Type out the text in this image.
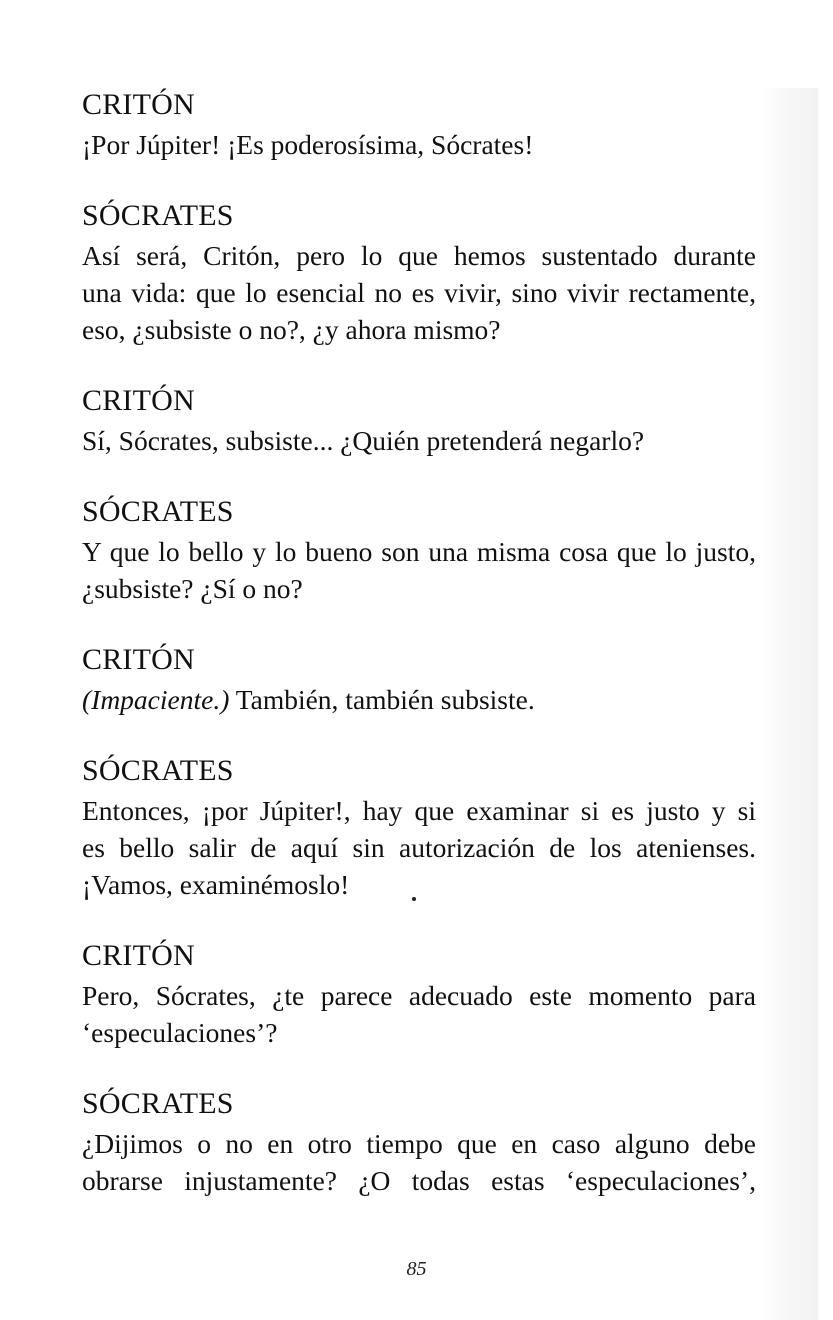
CRITÓN

¡Por Júpiter! ¡Es poderosísima, Sócrates!

SÓCRATES

Así será, Critón, pero lo que hemos sustentado durante
una vida: que lo esencial no es vivir, sino vivir rectamente,
eso, ¿subsiste o no?, ¿y ahora mismo?

CRITÓN

Sí, Sócrates, subsiste... ¿Quién pretenderá negarlo?

SÓCRATES

Y que lo bello y lo bueno son una misma cosa que lo justo,
¿subsiste? ¿Sí o no?

CRITÓN

(Impaciente.) También, también subsiste.

SÓCRATES

Entonces, ¡por Júpiter!, hay que examinar si es justo y si
es bello salir de aquí sin autorización de los atenienses.
¡Vamos, examinémoslo!

CRITÓN

Pero, Sócrates, ¿te parece adecuado este momento para
‘especulaciones’?

SÓCRATES

¿Dijimos o no en otro tiempo que en caso alguno debe
obrarse injustamente? ¿O todas estas ‘especulaciones’,

85
